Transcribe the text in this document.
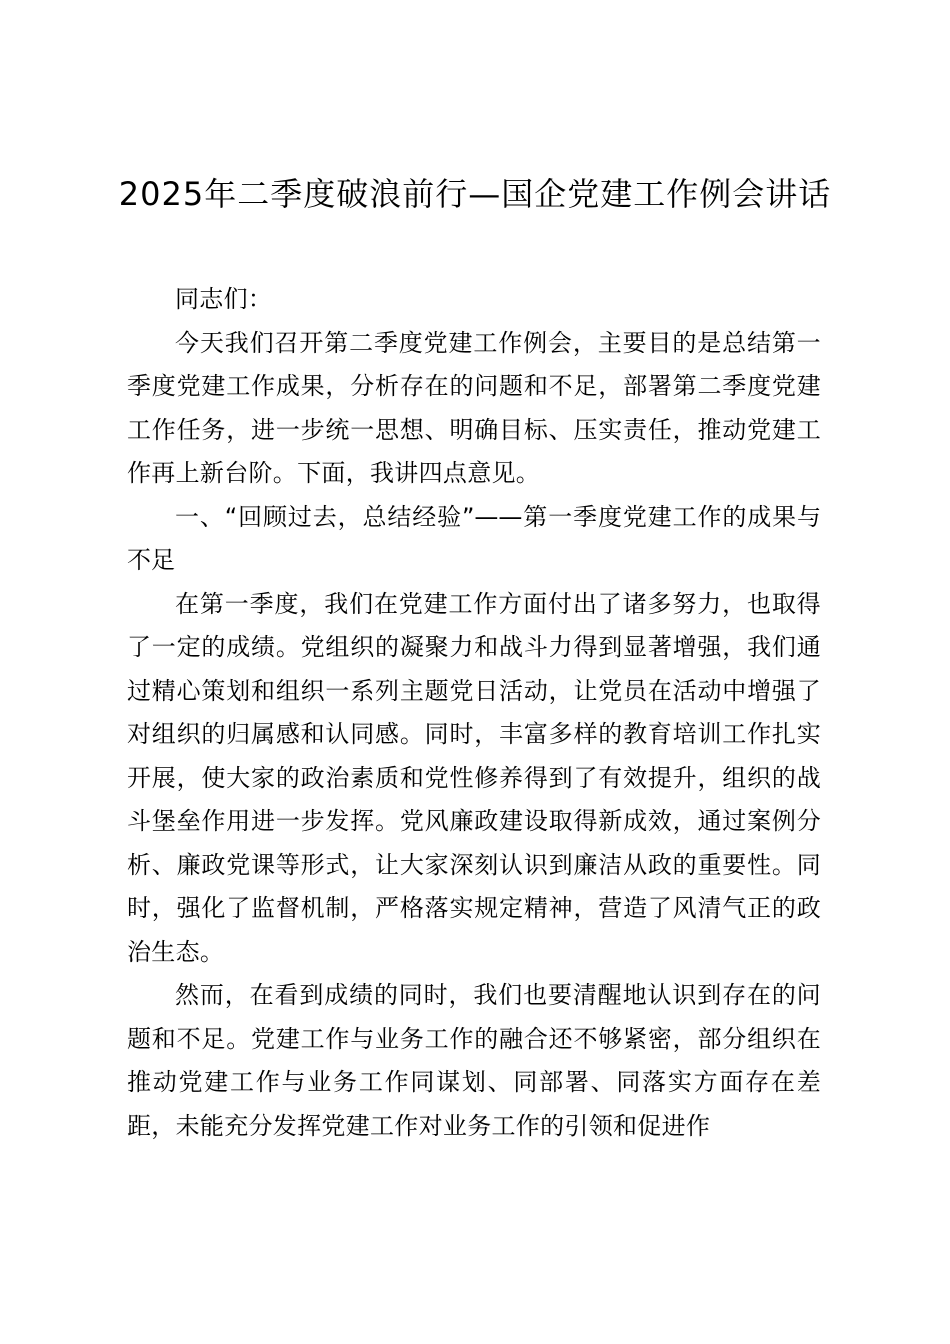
2025年二季度破浪前行—国企党建工作例会讲话

同志们：

今天我们召开第二季度党建工作例会，主要目的是总结第一季度党建工作成果，分析存在的问题和不足，部署第二季度党建工作任务，进一步统一思想、明确目标、压实责任，推动党建工作再上新台阶。下面，我讲四点意见。

一、“回顾过去，总结经验”——第一季度党建工作的成果与不足

在第一季度，我们在党建工作方面付出了诸多努力，也取得了一定的成绩。党组织的凝聚力和战斗力得到显著增强，我们通过精心策划和组织一系列主题党日活动，让党员在活动中增强了对组织的归属感和认同感。同时，丰富多样的教育培训工作扎实开展，使大家的政治素质和党性修养得到了有效提升，组织的战斗堡垒作用进一步发挥。党风廉政建设取得新成效，通过案例分析、廉政党课等形式，让大家深刻认识到廉洁从政的重要性。同时，强化了监督机制，严格落实规定精神，营造了风清气正的政治生态。

然而，在看到成绩的同时，我们也要清醒地认识到存在的问题和不足。党建工作与业务工作的融合还不够紧密，部分组织在推动党建工作与业务工作同谋划、同部署、同落实方面存在差距，未能充分发挥党建工作对业务工作的引领和促进作
